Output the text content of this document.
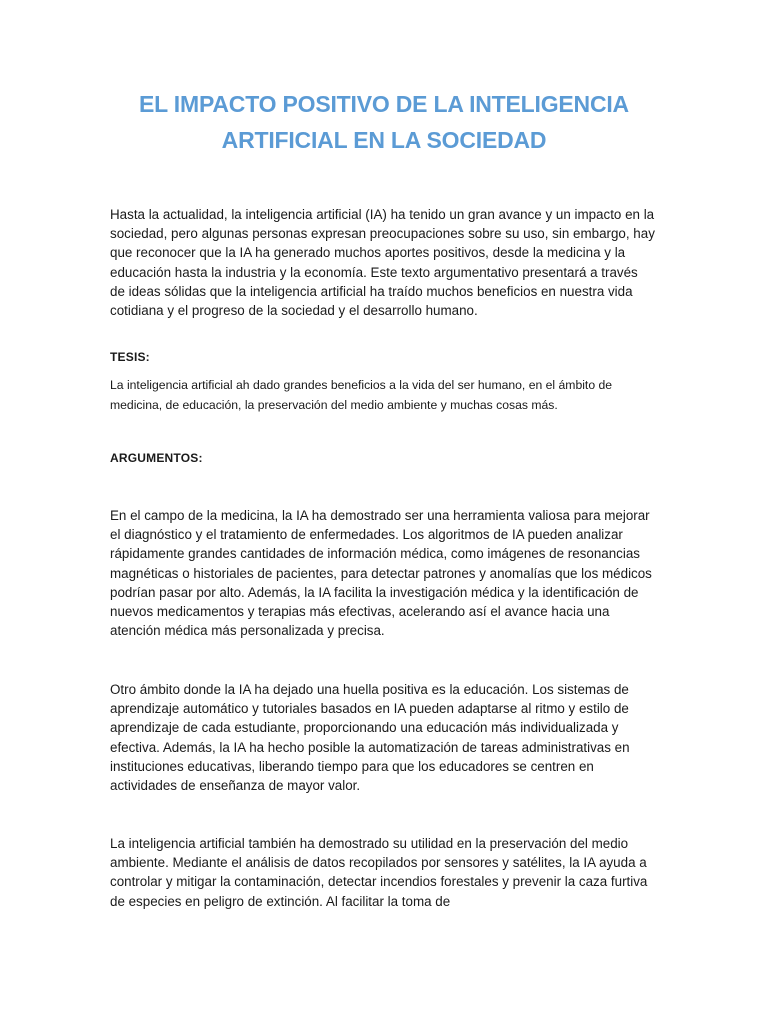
EL IMPACTO POSITIVO DE LA INTELIGENCIA ARTIFICIAL EN LA SOCIEDAD

Hasta la actualidad, la inteligencia artificial (IA) ha tenido un gran avance y un impacto en la sociedad, pero algunas personas expresan preocupaciones sobre su uso, sin embargo, hay que reconocer que la IA ha generado muchos aportes positivos, desde la medicina y la educación hasta la industria y la economía. Este texto argumentativo presentará a través de ideas sólidas que la inteligencia artificial ha traído muchos beneficios en nuestra vida cotidiana y el progreso de la sociedad y el desarrollo humano.

TESIS:

La inteligencia artificial ah dado grandes beneficios a la vida del ser humano, en el ámbito de medicina, de educación, la preservación del medio ambiente y muchas cosas más.

ARGUMENTOS:

En el campo de la medicina, la IA ha demostrado ser una herramienta valiosa para mejorar el diagnóstico y el tratamiento de enfermedades. Los algoritmos de IA pueden analizar rápidamente grandes cantidades de información médica, como imágenes de resonancias magnéticas o historiales de pacientes, para detectar patrones y anomalías que los médicos podrían pasar por alto. Además, la IA facilita la investigación médica y la identificación de nuevos medicamentos y terapias más efectivas, acelerando así el avance hacia una atención médica más personalizada y precisa.

Otro ámbito donde la IA ha dejado una huella positiva es la educación. Los sistemas de aprendizaje automático y tutoriales basados en IA pueden adaptarse al ritmo y estilo de aprendizaje de cada estudiante, proporcionando una educación más individualizada y efectiva. Además, la IA ha hecho posible la automatización de tareas administrativas en instituciones educativas, liberando tiempo para que los educadores se centren en actividades de enseñanza de mayor valor.

La inteligencia artificial también ha demostrado su utilidad en la preservación del medio ambiente. Mediante el análisis de datos recopilados por sensores y satélites, la IA ayuda a controlar y mitigar la contaminación, detectar incendios forestales y prevenir la caza furtiva de especies en peligro de extinción. Al facilitar la toma de
